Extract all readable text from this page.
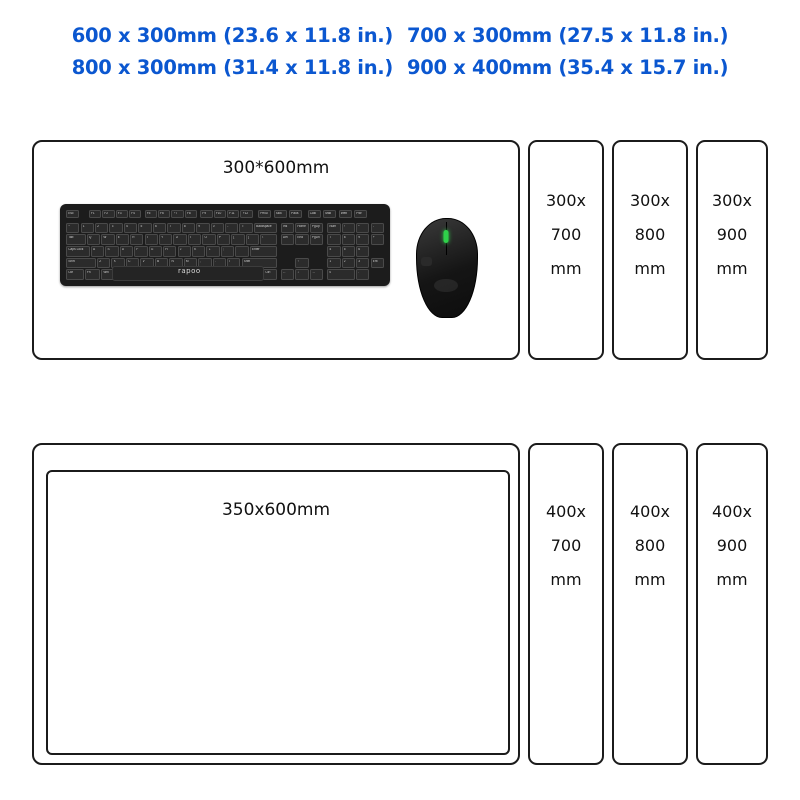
600 x 300mm (23.6 x 11.8 in.) 700 x 300mm (27.5 x 11.8 in.)
800 x 300mm (31.4 x 11.8 in.) 900 x 400mm (35.4 x 15.7 in.)
300*600mm
Esc	F1	F2	F3	F4	F5	F6	F7	F8	F9	F10	F11	F12	PrtSc	Slck	Paus	Calc	Mail	Web	Pwr
~	1	2	3	4	5	6	7	8	9	0	-	=	Backspace	Ins	Home	PgUp	Num	/	*	-
Tab	Q	W	E	R	T	Y	U	I	O	P	[	]	\	Del	End	PgDn	7	8	9	+
Caps Lock	A	S	D	F	G	H	J	K	L	;	'	Enter	4	5	6
Shift	Z	X	C	V	B	N	M	,	.	/	Shift	↑	1	2	3	Ent
Ctrl	Fn	Win	Ctrl	←	↓	→	0	.
rapoo
300x
700
mm
300x
800
mm
300x
900
mm
350x600mm	400x
700
mm
400x
800
mm
400x
900
mm
